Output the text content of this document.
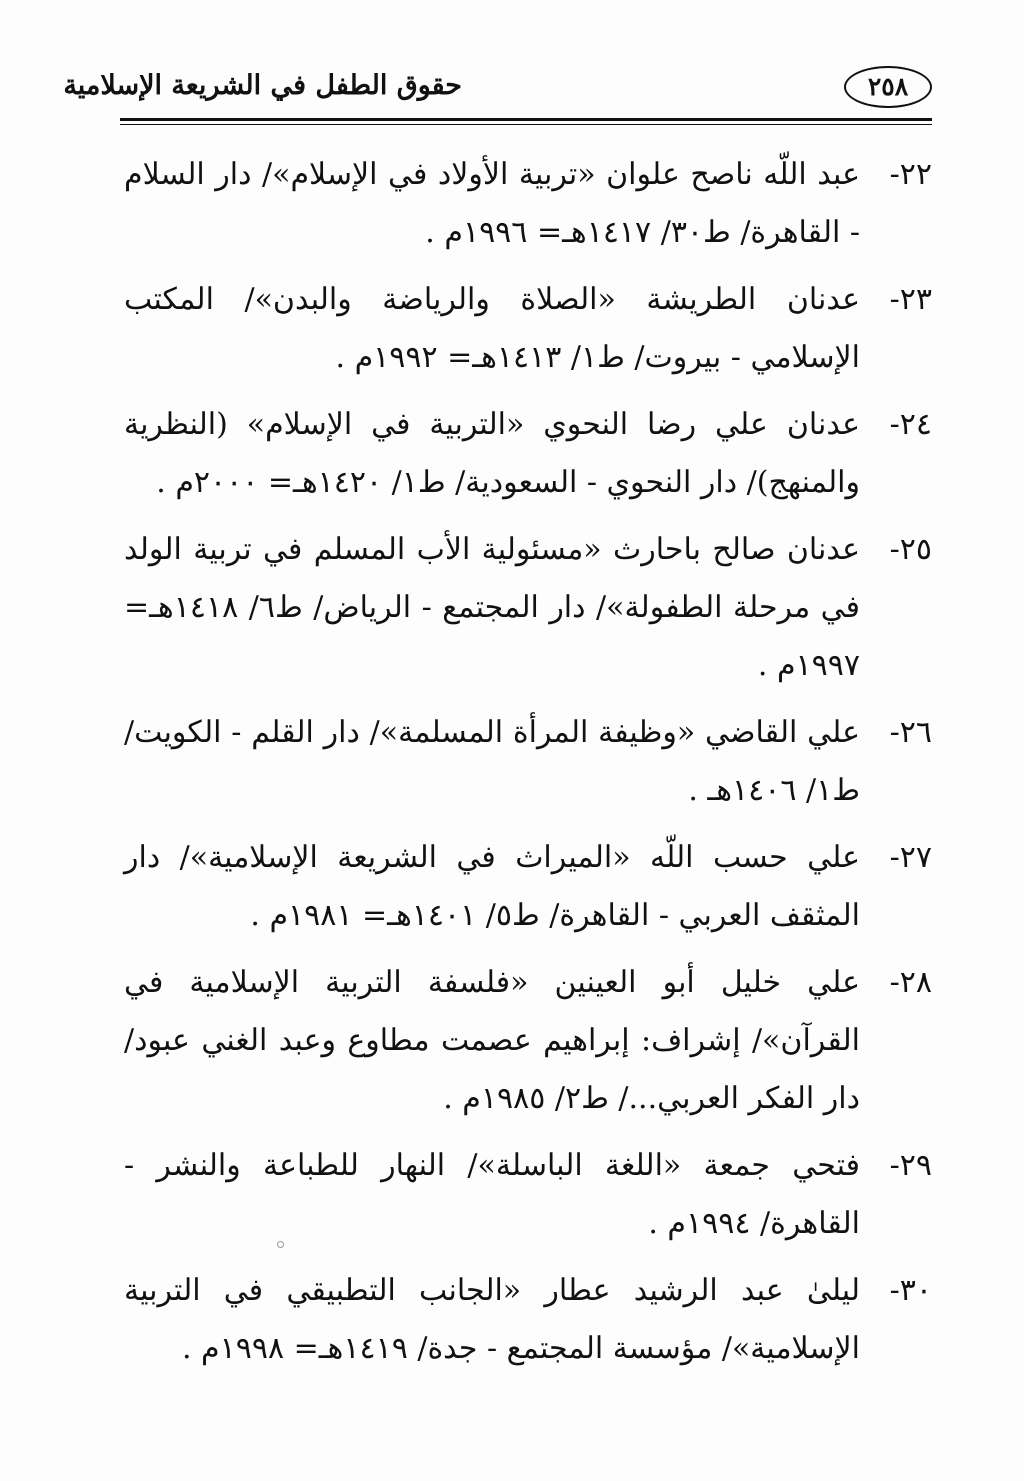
٢٥٨
حقوق الطفل في الشريعة الإسلامية
٢٢-
عبد اللّه ناصح علوان «تربية الأولاد في الإسلام»/ دار السلام - القاهرة/ ط٣٠/ ١٤١٧هـ= ١٩٩٦م .
٢٣-
عدنان الطريشة «الصلاة والرياضة والبدن»/ المكتب الإسلامي - بيروت/ ط١/ ١٤١٣هـ= ١٩٩٢م .
٢٤-
عدنان علي رضا النحوي «التربية في الإسلام» (النظرية والمنهج)/ دار النحوي - السعودية/ ط١/ ١٤٢٠هـ= ٢٠٠٠م .
٢٥-
عدنان صالح باحارث «مسئولية الأب المسلم في تربية الولد في مرحلة الطفولة»/ دار المجتمع - الرياض/ ط٦/ ١٤١٨هـ= ١٩٩٧م .
٢٦-
علي القاضي «وظيفة المرأة المسلمة»/ دار القلم - الكويت/ ط١/ ١٤٠٦هـ .
٢٧-
علي حسب اللّه «الميراث في الشريعة الإسلامية»/ دار المثقف العربي - القاهرة/ ط٥/ ١٤٠١هـ= ١٩٨١م .
٢٨-
علي خليل أبو العينين «فلسفة التربية الإسلامية في القرآن»/ إشراف: إبراهيم عصمت مطاوع وعبد الغني عبود/ دار الفكر العربي.../ ط٢/ ١٩٨٥م .
٢٩-
فتحي جمعة «اللغة الباسلة»/ النهار للطباعة والنشر - القاهرة/ ١٩٩٤م .
٣٠-
ليلىٰ عبد الرشيد عطار «الجانب التطبيقي في التربية الإسلامية»/ مؤسسة المجتمع - جدة/ ١٤١٩هـ= ١٩٩٨م .
